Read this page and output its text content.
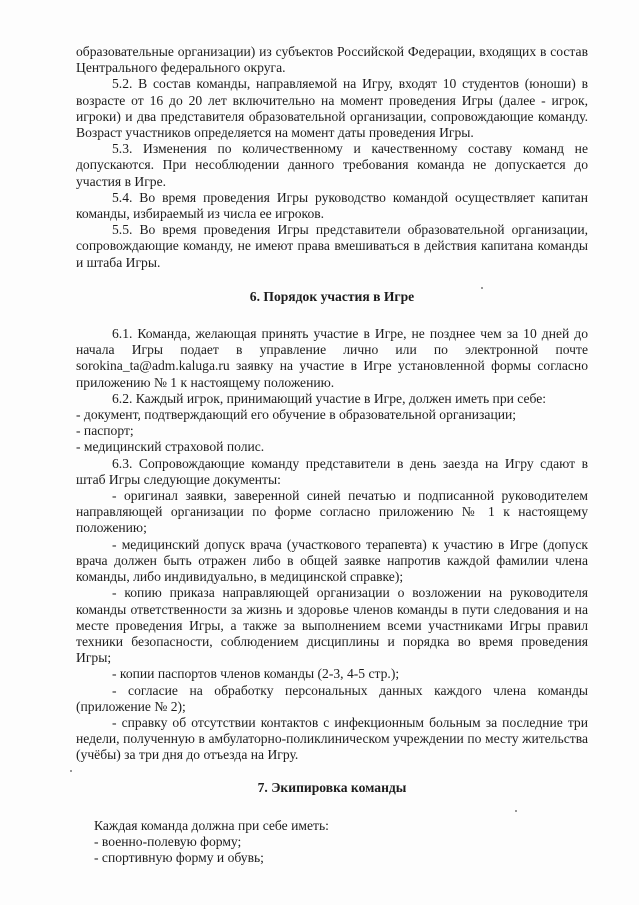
образовательные организации) из субъектов Российской Федерации, входящих в состав Центрального федерального округа.

5.2. В состав команды, направляемой на Игру, входят 10 студентов (юноши) в возрасте от 16 до 20 лет включительно на момент проведения Игры (далее - игрок, игроки) и два представителя образовательной организации, сопровождающие команду. Возраст участников определяется на момент даты проведения Игры.

5.3. Изменения по количественному и качественному составу команд не допускаются. При несоблюдении данного требования команда не допускается до участия в Игре.

5.4. Во время проведения Игры руководство командой осуществляет капитан команды, избираемый из числа ее игроков.

5.5. Во время проведения Игры представители образовательной организации, сопровождающие команду, не имеют права вмешиваться в действия капитана команды и штаба Игры.

6. Порядок участия в Игре

6.1. Команда, желающая принять участие в Игре, не позднее чем за 10 дней до начала Игры подает в управление лично или по электронной почте sorokina_ta@adm.kaluga.ru заявку на участие в Игре установленной формы согласно приложению № 1 к настоящему положению.

6.2. Каждый игрок, принимающий участие в Игре, должен иметь при себе:

- документ, подтверждающий его обучение в образовательной организации;

- паспорт;

- медицинский страховой полис.

6.3. Сопровождающие команду представители в день заезда на Игру сдают в штаб Игры следующие документы:

- оригинал заявки, заверенной синей печатью и подписанной руководителем направляющей организации по форме согласно приложению № 1 к настоящему положению;

- медицинский допуск врача (участкового терапевта) к участию в Игре (допуск врача должен быть отражен либо в общей заявке напротив каждой фамилии члена команды, либо индивидуально, в медицинской справке);

- копию приказа направляющей организации о возложении на руководителя команды ответственности за жизнь и здоровье членов команды в пути следования и на месте проведения Игры, а также за выполнением всеми участниками Игры правил техники безопасности, соблюдением дисциплины и порядка во время проведения Игры;

- копии паспортов членов команды (2-3, 4-5 стр.);

- согласие на обработку персональных данных каждого члена команды (приложение № 2);

- справку об отсутствии контактов с инфекционным больным за последние три недели, полученную в амбулаторно-поликлиническом учреждении по месту жительства (учёбы) за три дня до отъезда на Игру.

7. Экипировка команды

Каждая команда должна при себе иметь:

- военно-полевую форму;

- спортивную форму и обувь;
